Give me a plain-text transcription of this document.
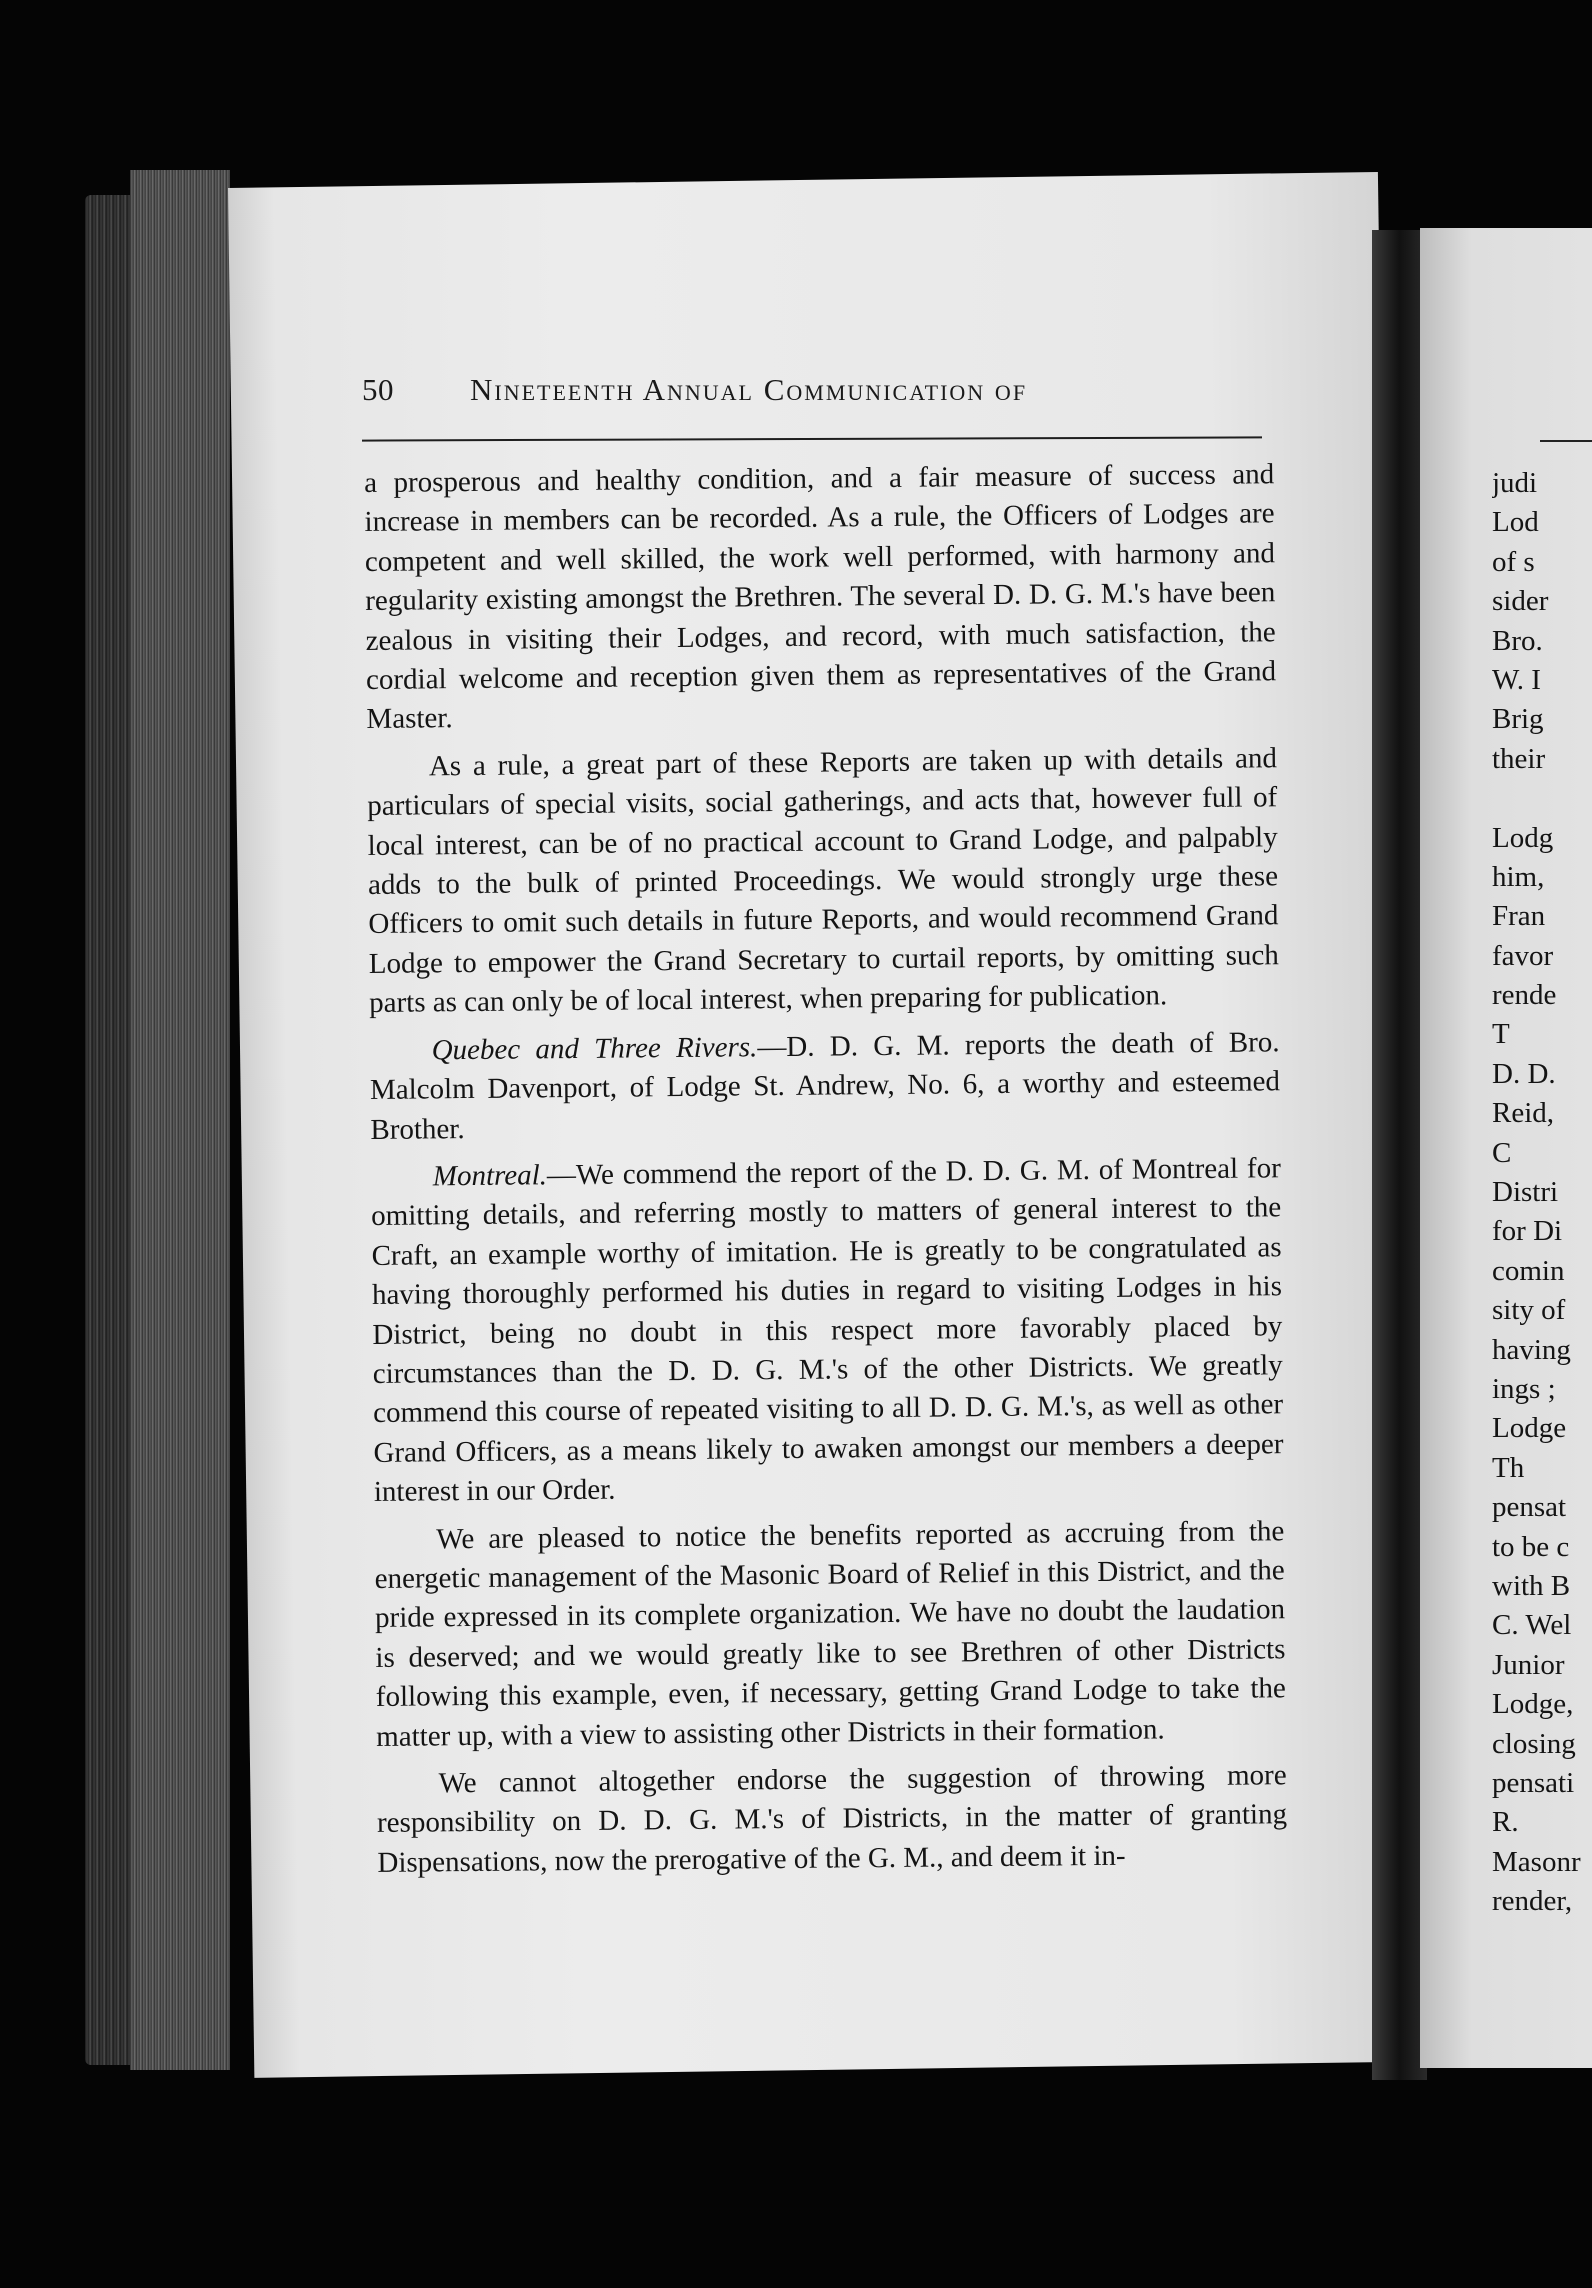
50 Nineteenth Annual Communication of

a prosperous and healthy condition, and a fair measure of success and increase in members can be recorded. As a rule, the Officers of Lodges are competent and well skilled, the work well performed, with harmony and regularity existing amongst the Brethren. The several D. D. G. M.'s have been zealous in visiting their Lodges, and record, with much satisfaction, the cordial welcome and reception given them as representatives of the Grand Master.

As a rule, a great part of these Reports are taken up with details and particulars of special visits, social gatherings, and acts that, however full of local interest, can be of no practical account to Grand Lodge, and palpably adds to the bulk of printed Proceedings. We would strongly urge these Officers to omit such details in future Reports, and would recommend Grand Lodge to empower the Grand Secretary to curtail reports, by omitting such parts as can only be of local interest, when preparing for publication.

Quebec and Three Rivers.—D. D. G. M. reports the death of Bro. Malcolm Davenport, of Lodge St. Andrew, No. 6, a worthy and esteemed Brother.

Montreal.—We commend the report of the D. D. G. M. of Montreal for omitting details, and referring mostly to matters of general interest to the Craft, an example worthy of imitation. He is greatly to be congratulated as having thoroughly performed his duties in regard to visiting Lodges in his District, being no doubt in this respect more favorably placed by circumstances than the D. D. G. M.'s of the other Districts. We greatly commend this course of repeated visiting to all D. D. G. M.'s, as well as other Grand Officers, as a means likely to awaken amongst our members a deeper interest in our Order.

We are pleased to notice the benefits reported as accruing from the energetic management of the Masonic Board of Relief in this District, and the pride expressed in its complete organization. We have no doubt the laudation is deserved; and we would greatly like to see Brethren of other Districts following this example, even, if necessary, getting Grand Lodge to take the matter up, with a view to assisting other Districts in their formation.

We cannot altogether endorse the suggestion of throwing more responsibility on D. D. G. M.'s of Districts, in the matter of granting Dispensations, now the prerogative of the G. M., and deem it in-

judi
Lod
of s
sider
Bro.
W. I
Brig
their
Lodg
him,
Fran
favor
rende
T
D. D.
Reid,
C
Distri
for Di
comin
sity of
having
ings ;
Lodge
Th
pensat
to be c
with B
C. Wel
Junior
Lodge,
closing
pensati
R.
Masonr
render,
